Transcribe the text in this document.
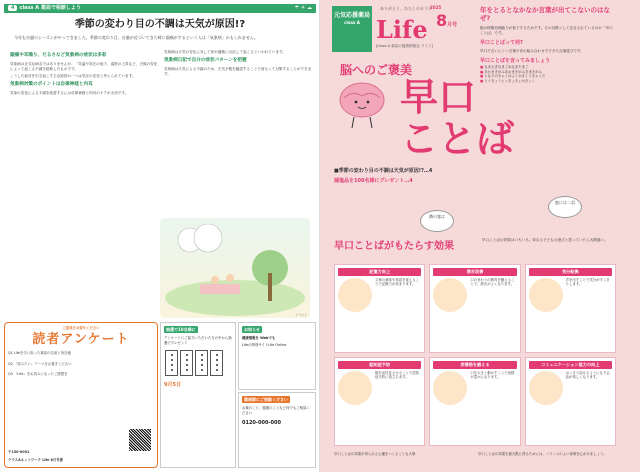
4 class A 薬局で相談しよう	☂ ☀ ☁
季節の変わり目の不調は天気が原因!?
今年も台風のシーズンがやってきました。季節の変わり目、台風が近づいてきた時に頭痛がするという人は「気象病」かもしれません。
頭痛や耳鳴り、だるさなど気象病の症状は多彩

気象病は正式な病名ではありませんが、「気温や気圧の低下、湿度の上昇など、天候の変化によって起こる不調を総称したものです。

こうした症状を引き起こす主な原因の一つは気圧の変化と考えられています。

気象病対策のポイントは自律神経と内耳

気象の変化による不調を改善するには自律神経と内耳のケアが大切です。

気象病は天気の変化に対して体が過敏に反応して起こるといわれています。

気象病日記で自分の症状パターンを把握

気象病は天気による不調のため、天気予報を確認することで前もって対策することができます。

イラスト
ご意見をお寄せください
読者アンケート
Q1 Lifeを手に取った薬局の名前と所在地
Q2 「読みたい」テーマをお書きください
Q3 「Life」をお読みになったご感想を
〒150-0001
クラスAネットワーク Life 8月号係
抽選で10名様に
アンケートにご協力いただいた方の中から抽選でプレゼント
9月5日
お知らせ
健康情報を Webでも
Lifeの特別サイトLife Online
薬剤師にご相談ください
お薬のこと、健康のことなど何でもご相談ください
0120-000-000
元気応援薬局
class A
ありがとう、わたしのカラダ
2025
Life 8月号
[class A 薬局の健康情報誌 ライフ]
脳へのご褒美
早口
ことば
■季節の変わり目の不調は天気が原因!?…4
減塩品を100名様にプレゼント…4
隣の客は
庭には二羽
年をとるとなかなか言葉が出てこないのはなぜ?

脳の情報処理能力が低下するためです。その対策として注目されているのが「早口ことば」です。

早口ことばって何?

早口で言いにくい言葉や音の組み合わせでできた言葉遊びです。

早口ことばを言ってみましょう
■ なまむぎなまごめなまたまご
■ あかまきがみあおまきがみきまきがみ
■ となりのきゃくはよくかきくうきゃくだ
■ とうきょうとっきょきょかきょく
早口ことばがもたらす効果
早口ことばの効果はいろいろ。単なる子どもの遊びと思っていたら大間違い。
記憶力向上
文章の意味や単語を覚えることで記憶力が高まります。
滑舌改善
口のまわりの筋肉を鍛えることで、滑舌がよくなります。
気分転換
声を出すことで気分がすっきりします。
認知症予防
脳を活性化させることで認知症予防に役立ちます。
表情筋を鍛える
口を大きく動かすことで表情が豊かになります。
コミュニケーション能力の向上
はっきり話せるようになり会話が楽しくなります。
早口ことばの効果が得られる土壌をつくることも大事	早口ことばの効果を最大限に得るためには、バランスのよい食事を心がけましょう。
